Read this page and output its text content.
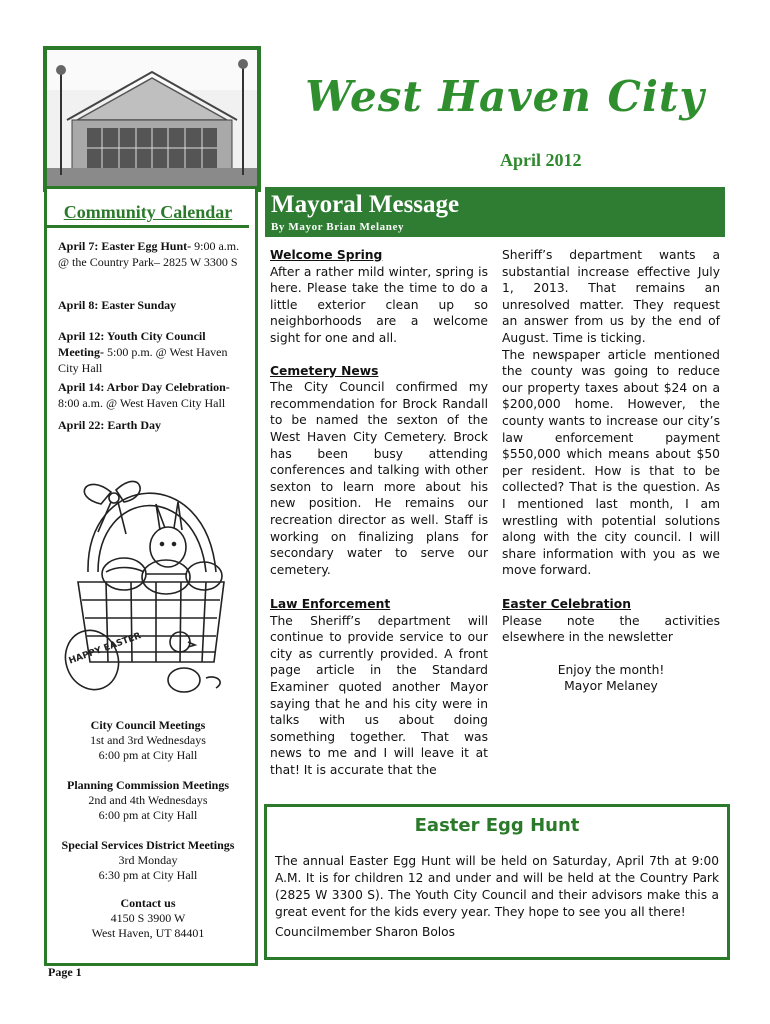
West Haven City
April 2012
Community Calendar
April 7: Easter Egg Hunt- 9:00 a.m. @ the Country Park– 2825 W 3300 S
April 8: Easter Sunday
April 12: Youth City Council Meeting- 5:00 p.m. @ West Haven City Hall
April 14: Arbor Day Celebration- 8:00 a.m. @ West Haven City Hall
April 22: Earth Day
HAPPY EASTER
City Council Meetings
1st and 3rd Wednesdays
6:00 pm at City Hall
Planning Commission Meetings
2nd and 4th Wednesdays
6:00 pm at City Hall
Special Services District Meetings
3rd Monday
6:30 pm at City Hall
Contact us
4150 S 3900 W
West Haven, UT 84401
Mayoral Message
By Mayor Brian Melaney

Welcome Spring

After a rather mild winter, spring is here. Please take the time to do a little exterior clean up so neighborhoods are a welcome sight for one and all.

Cemetery News

The City Council confirmed my recommendation for Brock Randall to be named the sexton of the West Haven City Cemetery. Brock has been busy attending conferences and talking with other sexton to learn more about his new position. He remains our recreation director as well. Staff is working on finalizing plans for secondary water to serve our cemetery.

Law Enforcement

The Sheriff’s department will continue to provide service to our city as currently provided. A front page article in the Standard Examiner quoted another Mayor saying that he and his city were in talks with us about doing something together. That was news to me and I will leave it at that! It is accurate that the

Sheriff’s department wants a substantial increase effective July 1, 2013. That remains an unresolved matter. They request an answer from us by the end of August. Time is ticking.

The newspaper article mentioned the county was going to reduce our property taxes about $24 on a $200,000 home. However, the county wants to increase our city’s law enforcement payment $550,000 which means about $50 per resident. How is that to be collected? That is the question. As I mentioned last month, I am wrestling with potential solutions along with the city council. I will share information with you as we move forward.

Easter Celebration

Please note the activities elsewhere in the newsletter

Enjoy the month!

Mayor Melaney

Easter Egg Hunt
The annual Easter Egg Hunt will be held on Saturday, April 7th at 9:00 A.M. It is for children 12 and under and will be held at the Country Park (2825 W 3300 S). The Youth City Council and their advisors make this a great event for the kids every year. They hope to see you all there!
Councilmember Sharon Bolos
Page 1
